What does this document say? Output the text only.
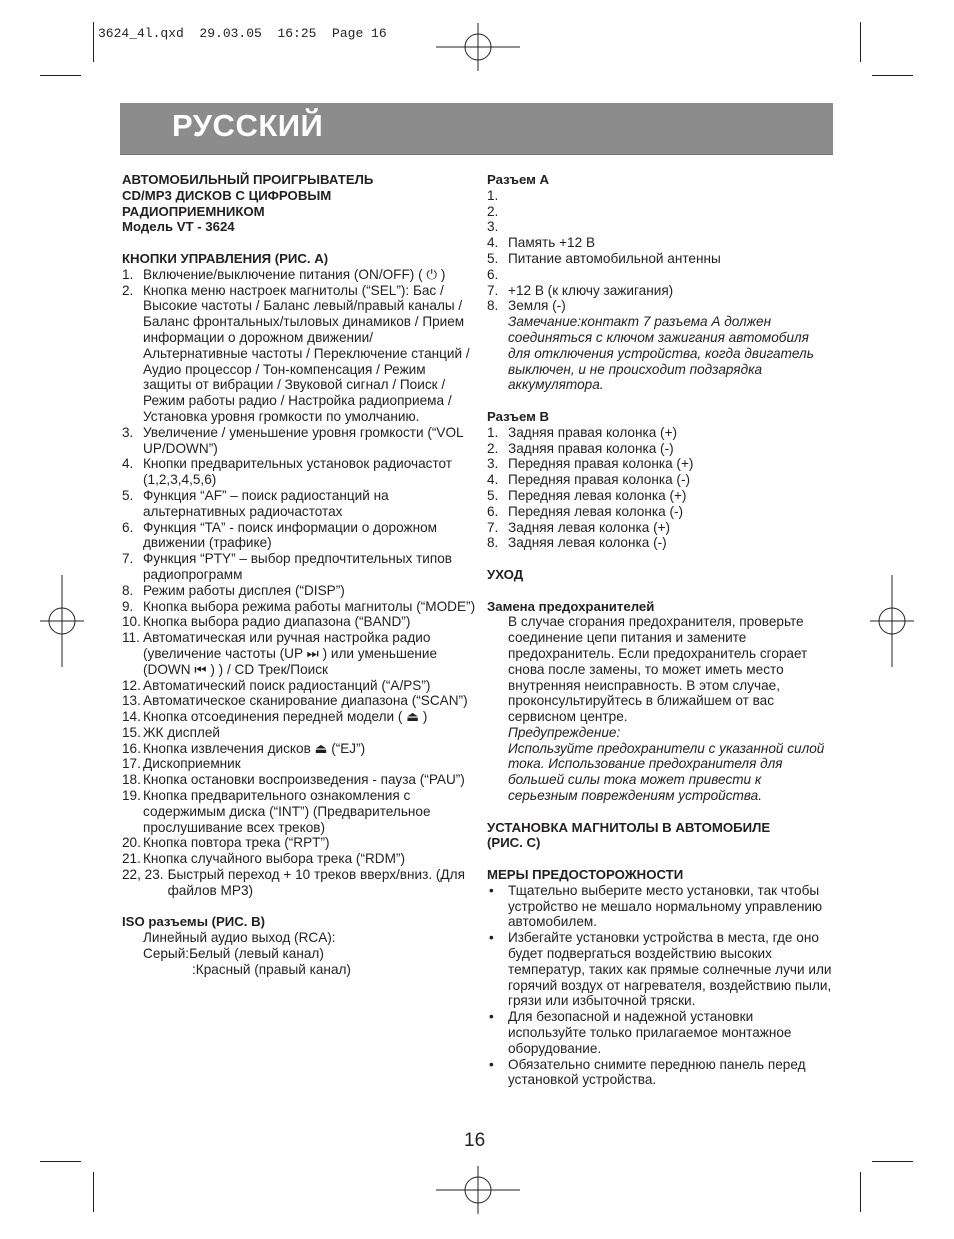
3624_4l.qxd  29.03.05  16:25  Page 16
РУССКИЙ
АВТОМОБИЛЬНЫЙ ПРОИГРЫВАТЕЛЬ
CD/MP3 ДИСКОВ С ЦИФРОВЫМ
РАДИОПРИЕМНИКОМ
Модель VT - 3624
КНОПКИ УПРАВЛЕНИЯ (РИС. А)
1. Включение/выключение питания (ON/OFF) ( ⏻ )
2. Кнопка меню настроек магнитолы (“SEL”): Бас / Высокие частоты / Баланс левый/правый каналы / Баланс фронтальных/тыловых динамиков / Прием информации о дорожном движении/ Альтернативные частоты / Переключение станций / Аудио процессор / Тон-компенсация / Режим защиты от вибрации / Звуковой сигнал / Поиск / Режим работы радио / Настройка радиоприема / Установка уровня громкости по умолчанию.
3. Увеличение / уменьшение уровня громкости (“VOL UP/DOWN”)
4. Кнопки предварительных установок радиочастот (1,2,3,4,5,6)
5. Функция “AF” – поиск радиостанций на альтернативных радиочастотах
6. Функция “TA” - поиск информации о дорожном движении (трафике)
7. Функция “PTY” – выбор предпочтительных типов радиопрограмм
8. Режим работы дисплея (“DISP”)
9. Кнопка выбора режима работы магнитолы (“MODE”)
10. Кнопка выбора радио диапазона (“BAND”)
11. Автоматическая или ручная настройка радио (увеличение частоты (UP ⏭ ) или уменьшение (DOWN ⏮ ) ) / CD Трек/Поиск
12. Автоматический поиск радиостанций (“A/PS”)
13. Автоматическое сканирование диапазона (“SCAN”)
14. Кнопка отсоединения передней модели ( ⏏ )
15. ЖК дисплей
16. Кнопка извлечения дисков ⏏ (“EJ”)
17. Дископриемник
18. Кнопка остановки воспроизведения - пауза (“PAU”)
19. Кнопка предварительного ознакомления с содержимым диска (“INT”) (Предварительное прослушивание всех треков)
20. Кнопка повтора трека (“RPT”)
21. Кнопка случайного выбора трека (“RDM”)
22, 23. Быстрый переход + 10 треков вверх/вниз. (Для файлов MP3)
ISO разъемы (РИС. В)
Линейный аудио выход (RCA):
Серый:Белый (левый канал)
:Красный (правый канал)
Разъем А
1.
2.
3.
4. Память +12 В
5. Питание автомобильной антенны
6.
7. +12 В (к ключу зажигания)
8. Земля (-)
Замечание:контакт 7 разъема А должен соединяться с ключом зажигания автомобиля для отключения устройства, когда двигатель выключен, и не происходит подзарядка аккумулятора.
Разъем В
1. Задняя правая колонка (+)
2. Задняя правая колонка (-)
3. Передняя правая колонка (+)
4. Передняя правая колонка (-)
5. Передняя левая колонка (+)
6. Передняя левая колонка (-)
7. Задняя левая колонка (+)
8. Задняя левая колонка (-)
УХОД
Замена предохранителей
В случае сгорания предохранителя, проверьте соединение цепи питания и замените предохранитель. Если предохранитель сгорает снова после замены, то может иметь место внутренняя неисправность. В этом случае, проконсультируйтесь в ближайшем от вас сервисном центре.
Предупреждение:
Используйте предохранители с указанной силой тока. Использование предохранителя для большей силы тока может привести к серьезным повреждениям устройства.
УСТАНОВКА МАГНИТОЛЫ В АВТОМОБИЛЕ
(РИС. С)
МЕРЫ ПРЕДОСТОРОЖНОСТИ
•	Тщательно выберите место установки, так чтобы устройство не мешало нормальному управлению автомобилем.
•	Избегайте установки устройства в места, где оно будет подвергаться воздействию высоких температур, таких как прямые солнечные лучи или горячий воздух от нагревателя, воздействию пыли, грязи или избыточной тряски.
•	Для безопасной и надежной установки используйте только прилагаемое монтажное оборудование.
•	Обязательно снимите переднюю панель перед установкой устройства.
16
